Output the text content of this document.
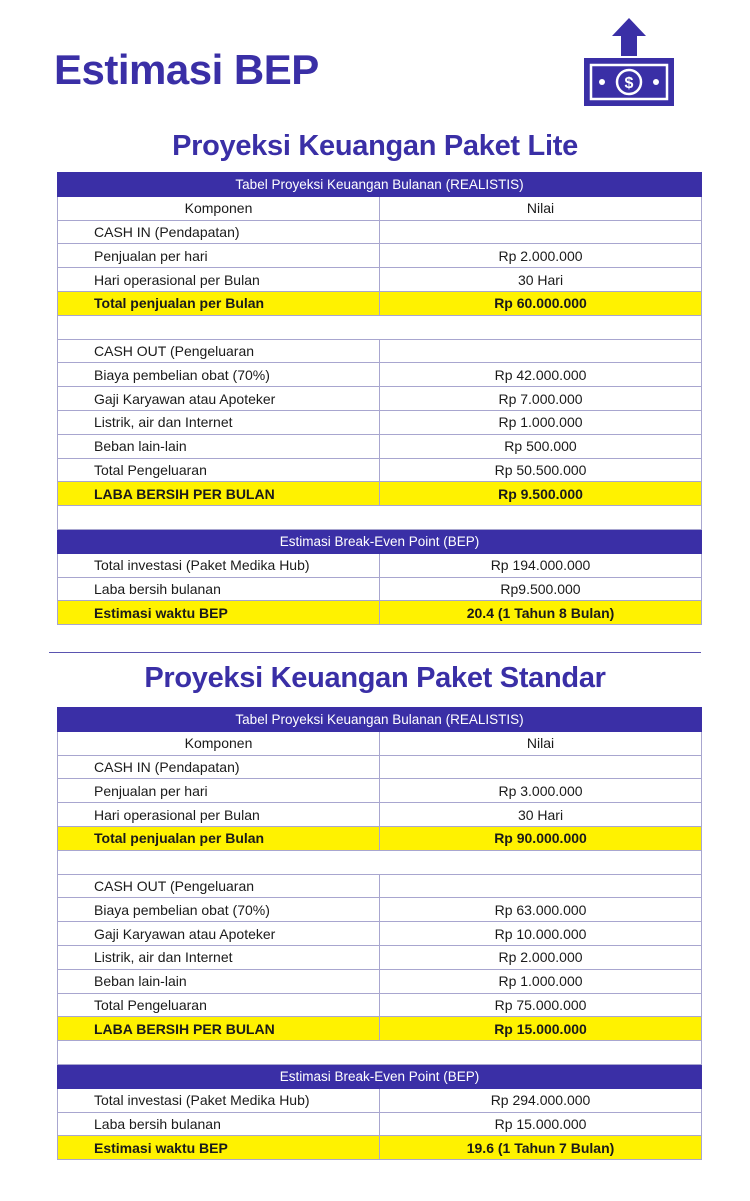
Estimasi BEP	$
Proyeksi Keuangan Paket Lite
Tabel Proyeksi Keuangan Bulanan (REALISTIS)	
Komponen	Nilai
CASH IN (Pendapatan)	
Penjualan per hari	Rp 2.000.000
Hari operasional per Bulan	30 Hari
Total penjualan per Bulan	Rp 60.000.000

CASH OUT (Pengeluaran	
Biaya pembelian obat (70%)	Rp 42.000.000
Gaji Karyawan atau Apoteker	Rp 7.000.000
Listrik, air dan Internet	Rp 1.000.000
Beban lain-lain	Rp 500.000
Total Pengeluaran	Rp 50.500.000
LABA BERSIH PER BULAN	Rp 9.500.000

Estimasi Break-Even Point (BEP)	
Total investasi (Paket Medika Hub)	Rp 194.000.000
Laba bersih bulanan	Rp9.500.000
Estimasi waktu BEP	20.4 (1 Tahun 8 Bulan)
Proyeksi Keuangan Paket Standar
Tabel Proyeksi Keuangan Bulanan (REALISTIS)	
Komponen	Nilai
CASH IN (Pendapatan)	
Penjualan per hari	Rp 3.000.000
Hari operasional per Bulan	30 Hari
Total penjualan per Bulan	Rp 90.000.000

CASH OUT (Pengeluaran	
Biaya pembelian obat (70%)	Rp 63.000.000
Gaji Karyawan atau Apoteker	Rp 10.000.000
Listrik, air dan Internet	Rp 2.000.000
Beban lain-lain	Rp 1.000.000
Total Pengeluaran	Rp 75.000.000
LABA BERSIH PER BULAN	Rp 15.000.000

Estimasi Break-Even Point (BEP)	
Total investasi (Paket Medika Hub)	Rp 294.000.000
Laba bersih bulanan	Rp 15.000.000
Estimasi waktu BEP	19.6 (1 Tahun 7 Bulan)
